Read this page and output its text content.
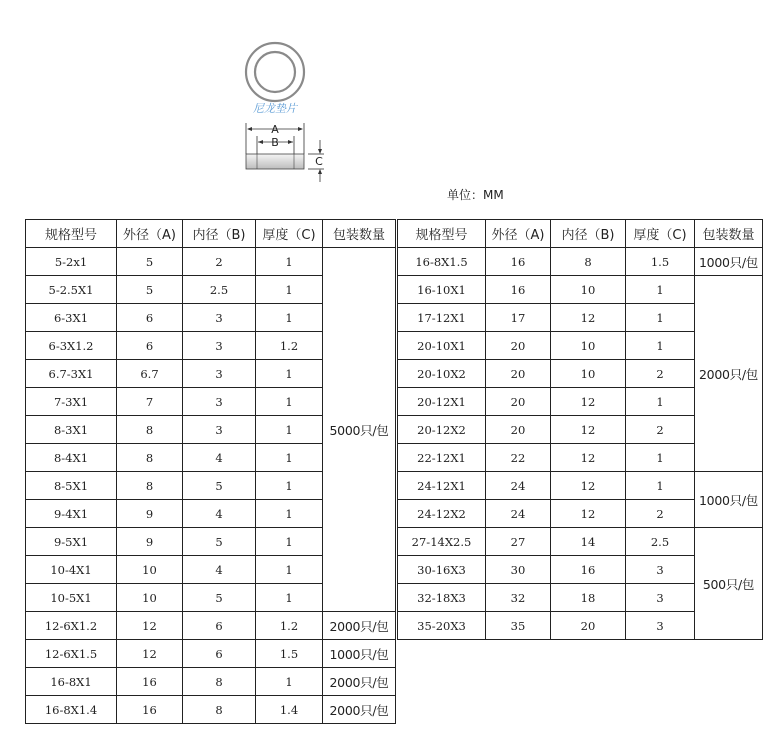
尼龙垫片
A
B
C
单位：MM
规格型号	外径（A)	内径（B)	厚度（C)	包装数量
5-2x1	5	2	1	5000只/包
5-2.5X1	5	2.5	1	
6-3X1	6	3	1	
6-3X1.2	6	3	1.2	
6.7-3X1	6.7	3	1	
7-3X1	7	3	1	
8-3X1	8	3	1	
8-4X1	8	4	1	
8-5X1	8	5	1	
9-4X1	9	4	1	
9-5X1	9	5	1	
10-4X1	10	4	1	
10-5X1	10	5	1	
12-6X1.2	12	6	1.2	2000只/包
12-6X1.5	12	6	1.5	1000只/包
16-8X1	16	8	1	2000只/包
16-8X1.4	16	8	1.4	2000只/包
规格型号	外径（A)	内径（B)	厚度（C)	包装数量
16-8X1.5	16	8	1.5	1000只/包
16-10X1	16	10	1	2000只/包
17-12X1	17	12	1	
20-10X1	20	10	1	
20-10X2	20	10	2	
20-12X1	20	12	1	
20-12X2	20	12	2	
22-12X1	22	12	1	
24-12X1	24	12	1	1000只/包
24-12X2	24	12	2	
27-14X2.5	27	14	2.5	500只/包
30-16X3	30	16	3	
32-18X3	32	18	3	
35-20X3	35	20	3	
